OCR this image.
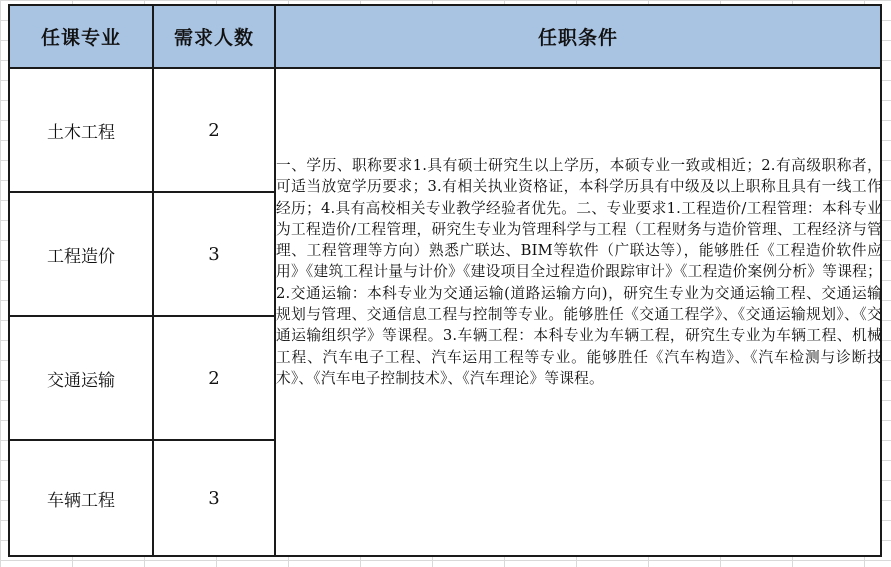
任课专业	需求人数	任职条件
土木工程	2
工程造价	3
交通运输	2
车辆工程	3
一、学历、职称要求1.具有硕士研究生以上学历，本硕专业一致或相近；2.有高级职称者，可适当放宽学历要求；3.有相关执业资格证，本科学历具有中级及以上职称且具有一线工作经历；4.具有高校相关专业教学经验者优先。二、专业要求1.工程造价/工程管理：本科专业为工程造价/工程管理，研究生专业为管理科学与工程（工程财务与造价管理、工程经济与管理、工程管理等方向）熟悉广联达、BIM等软件（广联达等），能够胜任《工程造价软件应用》《建筑工程计量与计价》《建设项目全过程造价跟踪审计》《工程造价案例分析》等课程；2.交通运输：本科专业为交通运输(道路运输方向)，研究生专业为交通运输工程、交通运输规划与管理、交通信息工程与控制等专业。能够胜任《交通工程学》、《交通运输规划》、《交通运输组织学》等课程。3.车辆工程：本科专业为车辆工程，研究生专业为车辆工程、机械工程、汽车电子工程、汽车运用工程等专业。能够胜任《汽车构造》、《汽车检测与诊断技术》、《汽车电子控制技术》、《汽车理论》等课程。
